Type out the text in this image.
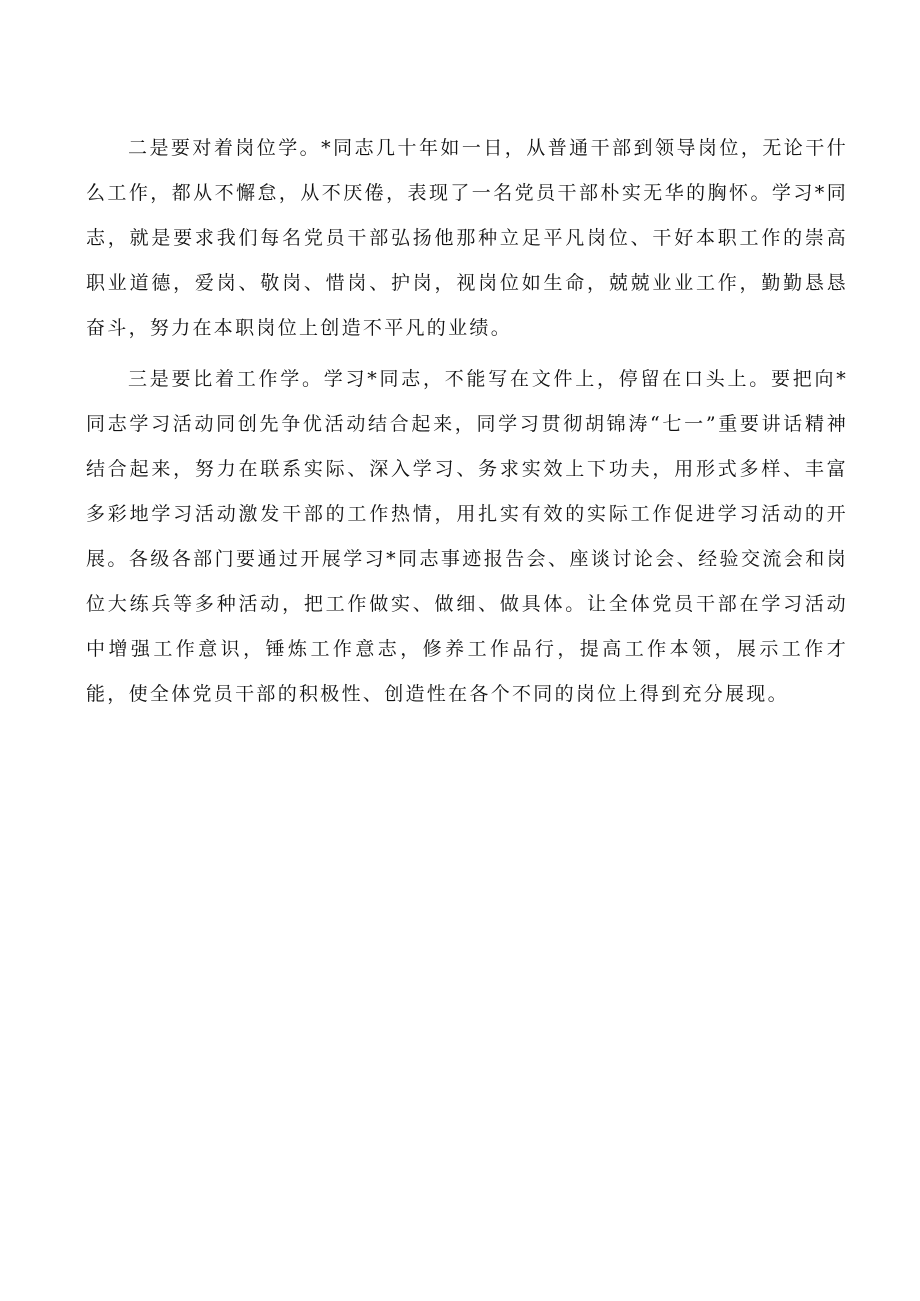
二是要对着岗位学。*同志几十年如一日，从普通干部到领导岗位，无论干什么工作，都从不懈怠，从不厌倦，表现了一名党员干部朴实无华的胸怀。学习*同志，就是要求我们每名党员干部弘扬他那种立足平凡岗位、干好本职工作的崇高职业道德，爱岗、敬岗、惜岗、护岗，视岗位如生命，兢兢业业工作，勤勤恳恳奋斗，努力在本职岗位上创造不平凡的业绩。

三是要比着工作学。学习*同志，不能写在文件上，停留在口头上。要把向*同志学习活动同创先争优活动结合起来，同学习贯彻胡锦涛“七一”重要讲话精神结合起来，努力在联系实际、深入学习、务求实效上下功夫，用形式多样、丰富多彩地学习活动激发干部的工作热情，用扎实有效的实际工作促进学习活动的开展。各级各部门要通过开展学习*同志事迹报告会、座谈讨论会、经验交流会和岗位大练兵等多种活动，把工作做实、做细、做具体。让全体党员干部在学习活动中增强工作意识，锤炼工作意志，修养工作品行，提高工作本领，展示工作才能，使全体党员干部的积极性、创造性在各个不同的岗位上得到充分展现。
